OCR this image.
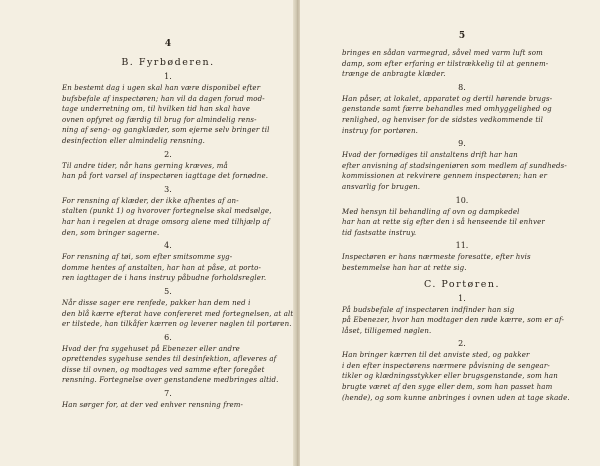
4
B. Fyrbøderen.
1.
En bestemt dag i ugen skal han være disponibel efter
bufsbefale af inspectøren; han vil da dagen forud mod-
tage underretning om, til hvilken tid han skal have
ovnen opfyret og færdig til brug for almindelig rens-
ning af seng- og gangklæder, som ejerne selv bringer til
desinfection eller almindelig rensning.
2.
Til andre tider, når hans gerning kræves, må
han på fort varsel af inspectøren iagttage det fornødne.
3.
For rensning af klæder, der ikke afhentes af an-
stalten (punkt 1) og hvorover fortegnelse skal medsølge,
har han i regelen at drage omsorg alene med tilhjælp af
den, som bringer sagerne.
4.
For rensning af tøi, som efter smitsomme syg-
domme hentes af anstalten, har han at påse, at porto-
ren iagttager de i hans instruy påbudne forholdsregler.
5.
Når disse sager ere renfede, pakker han dem ned i
den blå kærre efterat have confereret med fortegnelsen, at alt
er tilstede, han tilkåfer kærren og leverer nøglen til portøren.
6.
Hvad der fra sygehuset på Ebenezer eller andre
oprettendes sygehuse sendes til desinfektion, afleveres af
disse til ovnen, og modtages ved samme efter foregået
rensning. Fortegnelse over genstandene medbringes altid.
7.
Han sørger for, at der ved enhver rensning frem-
5
bringes en sådan varmegrad, såvel med varm luft som
damp, som efter erfaring er tilstrækkelig til at gennem-
trænge de anbragte klæder.
8.
Han påser, at lokalet, apparatet og dertil hørende brugs-
genstande samt færre behandles med omhyggelighed og
renlighed, og henviser for de sidstes vedkommende til
instruy for portøren.
9.
Hvad der fornødiges til anstaltens drift har han
efter anvisning af stadsingeniøren som medlem af sundheds-
kommissionen at rekvirere gennem inspectøren; han er
ansvarlig for brugen.
10.
Med hensyn til behandling af ovn og dampkedel
har han at rette sig efter den i så henseende til enhver
tid fastsatte instruy.
11.
Inspectøren er hans nærmeste foresatte, efter hvis
bestemmelse han har at rette sig.
C. Portøren.
1.
På budsbefale af inspectøren indfinder han sig
på Ebenezer, hvor han modtager den røde kærre, som er af-
låset, tilligemed nøglen.
2.
Han bringer kærren til det anviste sted, og pakker
i den efter inspectørens nærmere påvisning de sengear-
tikler og klædningsstykker eller brugsgenstande, som han
brugte været af den syge eller dem, som han passet ham
(hende), og som kunne anbringes i ovnen uden at tage skade.
